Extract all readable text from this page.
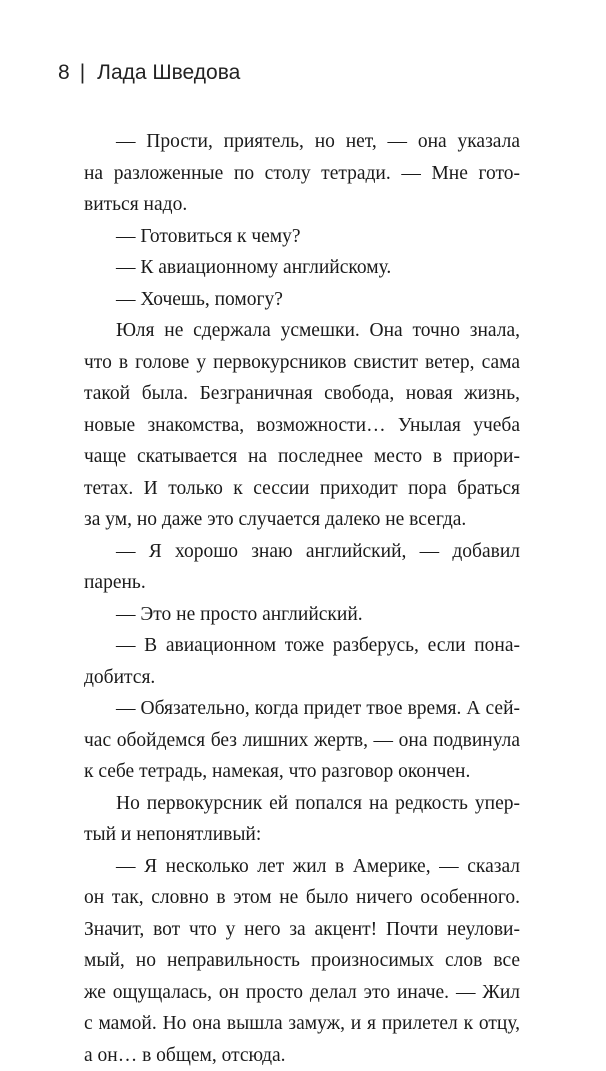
8 | Лада Шведова
— Прости, приятель, но нет, — она указала
на разложенные по столу тетради. — Мне гото-
виться надо.
— Готовиться к чему?
— К авиационному английскому.
— Хочешь, помогу?
Юля не сдержала усмешки. Она точно знала,
что в голове у первокурсников свистит ветер, сама
такой была. Безграничная свобода, новая жизнь,
новые знакомства, возможности… Унылая учеба
чаще скатывается на последнее место в приори-
тетах. И только к сессии приходит пора браться
за ум, но даже это случается далеко не всегда.
— Я хорошо знаю английский, — добавил
парень.
— Это не просто английский.
— В авиационном тоже разберусь, если пона-
добится.
— Обязательно, когда придет твое время. А сей-
час обойдемся без лишних жертв, — она подвинула
к себе тетрадь, намекая, что разговор окончен.
Но первокурсник ей попался на редкость упер-
тый и непонятливый:
— Я несколько лет жил в Америке, — сказал
он так, словно в этом не было ничего особенного.
Значит, вот что у него за акцент! Почти неулови-
мый, но неправильность произносимых слов все
же ощущалась, он просто делал это иначе. — Жил
с мамой. Но она вышла замуж, и я прилетел к отцу,
а он… в общем, отсюда.
